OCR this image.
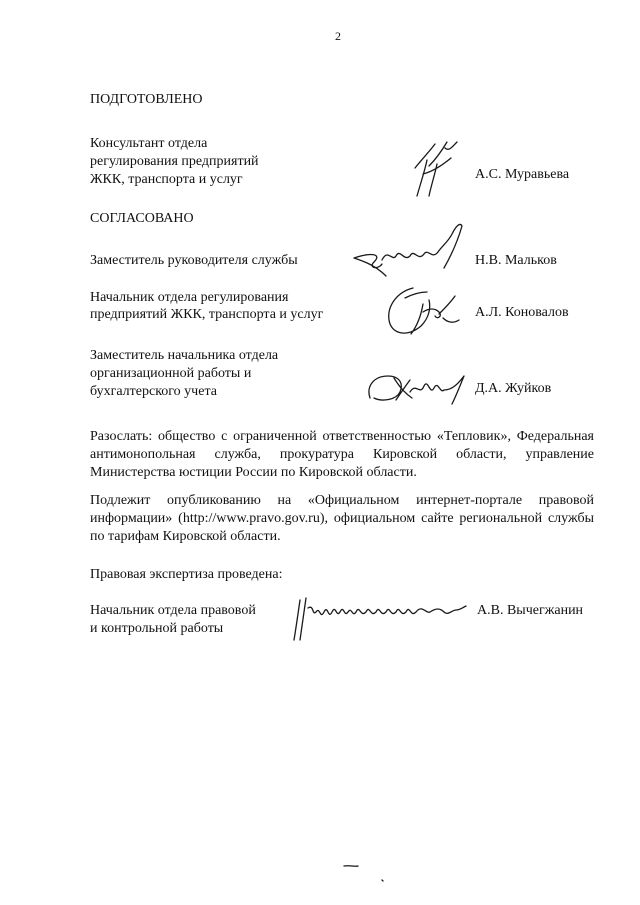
2
ПОДГОТОВЛЕНО
Консультант отдела
регулирования предприятий
ЖКК, транспорта и услуг	А.С. Муравьева
СОГЛАСОВАНО
Заместитель руководителя службы	Н.В. Мальков
Начальник отдела регулирования
предприятий ЖКК, транспорта и услуг	А.Л. Коновалов
Заместитель начальника отдела
организационной работы и
бухгалтерского учета	Д.А. Жуйков
Разослать: общество с ограниченной ответственностью «Тепловик», Федеральная антимонопольная служба, прокуратура Кировской области, управление Министерства юстиции России по Кировской области.
Подлежит опубликованию на «Официальном интернет-портале правовой информации» (http://www.pravo.gov.ru), официальном сайте региональной службы по тарифам Кировской области.
Правовая экспертиза проведена:
Начальник отдела правовой
и контрольной работы
А.В. Вычегжанин
